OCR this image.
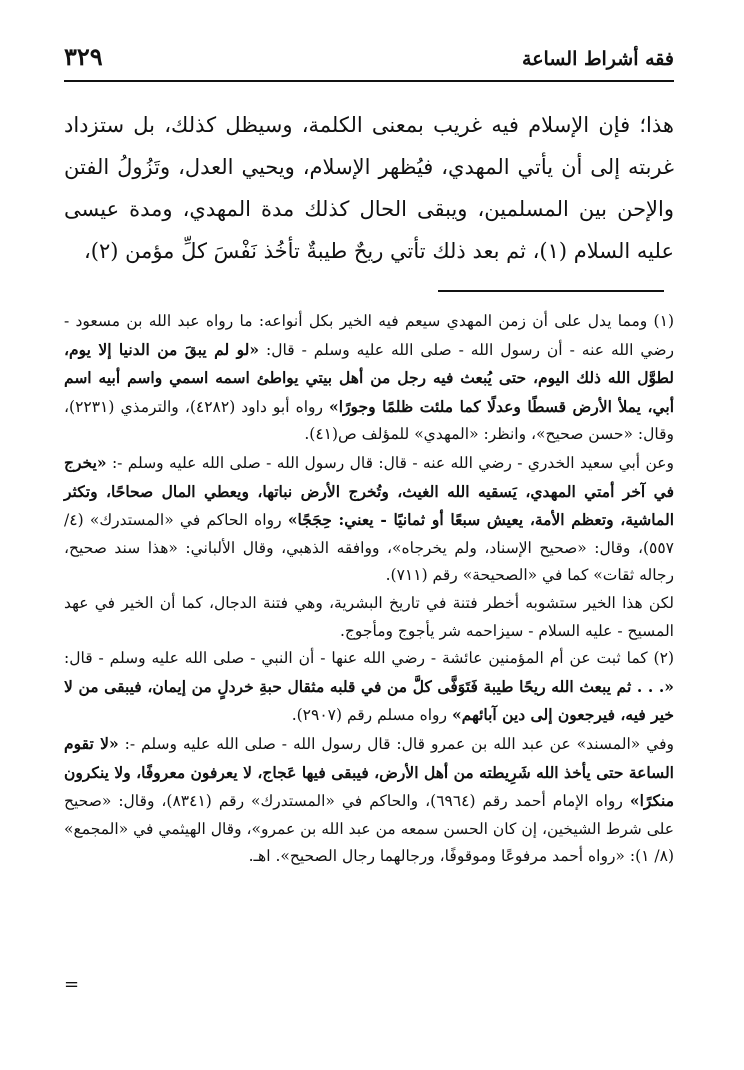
٣٢٩	فقه أشراط الساعة

هذا؛ فإن الإسلام فيه غريب بمعنى الكلمة، وسيظل كذلك، بل ستزداد غربته إلى أن يأتي المهدي، فيُظهر الإسلام، ويحيي العدل، وتَزُولُ الفتن والإحن بين المسلمين، ويبقى الحال كذلك مدة المهدي، ومدة عيسى عليه السلام (١)، ثم بعد ذلك تأتي ريحٌ طيبةٌ تأخُذ نَفْسَ كلِّ مؤمن (٢)،

(١) ومما يدل على أن زمن المهدي سيعم فيه الخير بكل أنواعه: ما رواه عبد الله بن مسعود - رضي الله عنه - أن رسول الله - صلى الله عليه وسلم - قال: «لو لم يبقَ من الدنيا إلا يوم، لطوَّل الله ذلك اليوم، حتى يُبعث فيه رجل من أهل بيتي يواطئ اسمه اسمي واسم أبيه اسم أبي، يملأ الأرض قسطًا وعدلًا كما ملئت ظلمًا وجورًا» رواه أبو داود (٤٢٨٢)، والترمذي (٢٢٣١)، وقال: «حسن صحيح»، وانظر: «المهدي» للمؤلف ص(٤١).

وعن أبي سعيد الخدري - رضي الله عنه - قال: قال رسول الله - صلى الله عليه وسلم -: «يخرج في آخر أمتي المهدي، يَسقيه الله الغيث، وتُخرج الأرض نباتها، ويعطي المال صحاحًا، وتكثر الماشية، وتعظم الأمة، يعيش سبعًا أو ثمانيًا - يعني: حِجَجًا» رواه الحاكم في «المستدرك» (٤/ ٥٥٧)، وقال: «صحيح الإسناد، ولم يخرجاه»، ووافقه الذهبي، وقال الألباني: «هذا سند صحيح، رجاله ثقات» كما في «الصحيحة» رقم (٧١١).

لكن هذا الخير ستشوبه أخطر فتنة في تاريخ البشرية، وهي فتنة الدجال، كما أن الخير في عهد المسيح - عليه السلام - سيزاحمه شر يأجوج ومأجوج.

(٢) كما ثبت عن أم المؤمنين عائشة - رضي الله عنها - أن النبي - صلى الله عليه وسلم - قال: «. . . ثم يبعث الله ريحًا طيبة فَتَوَفَّى كلَّ من في قلبه مثقال حبةِ خردلٍ من إيمان، فيبقى من لا خير فيه، فيرجعون إلى دين آبائهم» رواه مسلم رقم (٢٩٠٧).

وفي «المسند» عن عبد الله بن عمرو قال: قال رسول الله - صلى الله عليه وسلم -: «لا تقوم الساعة حتى يأخذ الله شَرِيطته من أهل الأرض، فيبقى فيها عَجاج، لا يعرفون معروفًا، ولا ينكرون منكرًا» رواه الإمام أحمد رقم (٦٩٦٤)، والحاكم في «المستدرك» رقم (٨٣٤١)، وقال: «صحيح على شرط الشيخين، إن كان الحسن سمعه من عبد الله بن عمرو»، وقال الهيثمي في «المجمع» (٨/ ١): «رواه أحمد مرفوعًا وموقوفًا، ورجالهما رجال الصحيح». اهـ.

=
